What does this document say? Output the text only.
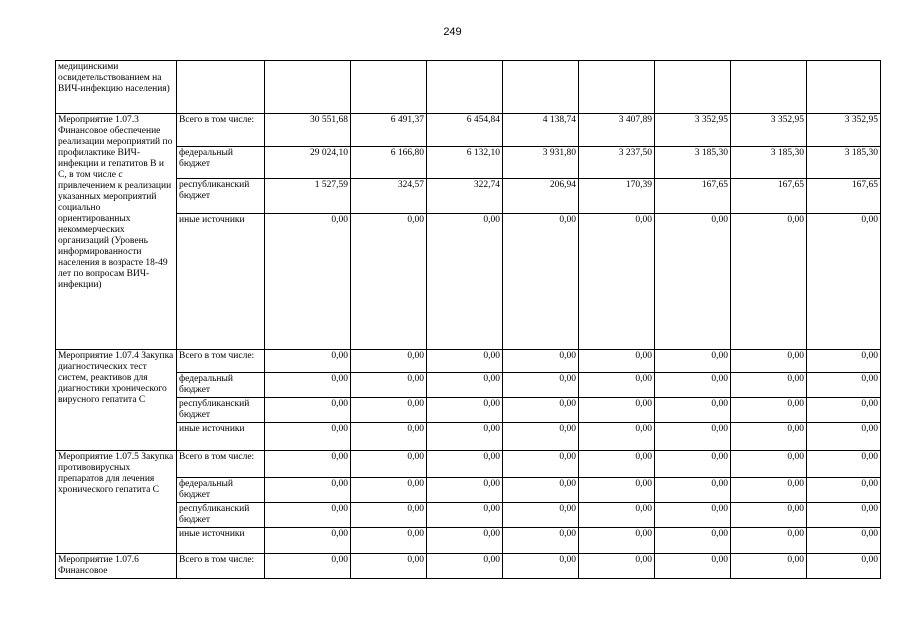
249
медицинскими освидетельствованием на ВИЧ-инфекцию населения)									
Мероприятие 1.07.3 Финансовое обеспечение реализации мероприятий по профилактике ВИЧ-инфекции и гепатитов В и С, в том числе с привлечением к реализации указанных мероприятий социально ориентированных некоммерческих организаций (Уровень информированности населения в возрасте 18-49 лет по вопросам ВИЧ-инфекции)	Всего в том числе:	30 551,68	6 491,37	6 454,84	4 138,74	3 407,89	3 352,95	3 352,95	3 352,95
	федеральный бюджет	29 024,10	6 166,80	6 132,10	3 931,80	3 237,50	3 185,30	3 185,30	3 185,30
	республиканский бюджет	1 527,59	324,57	322,74	206,94	170,39	167,65	167,65	167,65
	иные источники	0,00	0,00	0,00	0,00	0,00	0,00	0,00	0,00
Мероприятие 1.07.4 Закупка диагностических тест систем, реактивов для диагностики хронического вирусного гепатита С	Всего в том числе:	0,00	0,00	0,00	0,00	0,00	0,00	0,00	0,00
	федеральный бюджет	0,00	0,00	0,00	0,00	0,00	0,00	0,00	0,00
	республиканский бюджет	0,00	0,00	0,00	0,00	0,00	0,00	0,00	0,00
	иные источники	0,00	0,00	0,00	0,00	0,00	0,00	0,00	0,00
Мероприятие 1.07.5 Закупка противовирусных препаратов для лечения хронического гепатита С	Всего в том числе:	0,00	0,00	0,00	0,00	0,00	0,00	0,00	0,00
	федеральный бюджет	0,00	0,00	0,00	0,00	0,00	0,00	0,00	0,00
	республиканский бюджет	0,00	0,00	0,00	0,00	0,00	0,00	0,00	0,00
	иные источники	0,00	0,00	0,00	0,00	0,00	0,00	0,00	0,00
Мероприятие 1.07.6 Финансовое	Всего в том числе:	0,00	0,00	0,00	0,00	0,00	0,00	0,00	0,00
